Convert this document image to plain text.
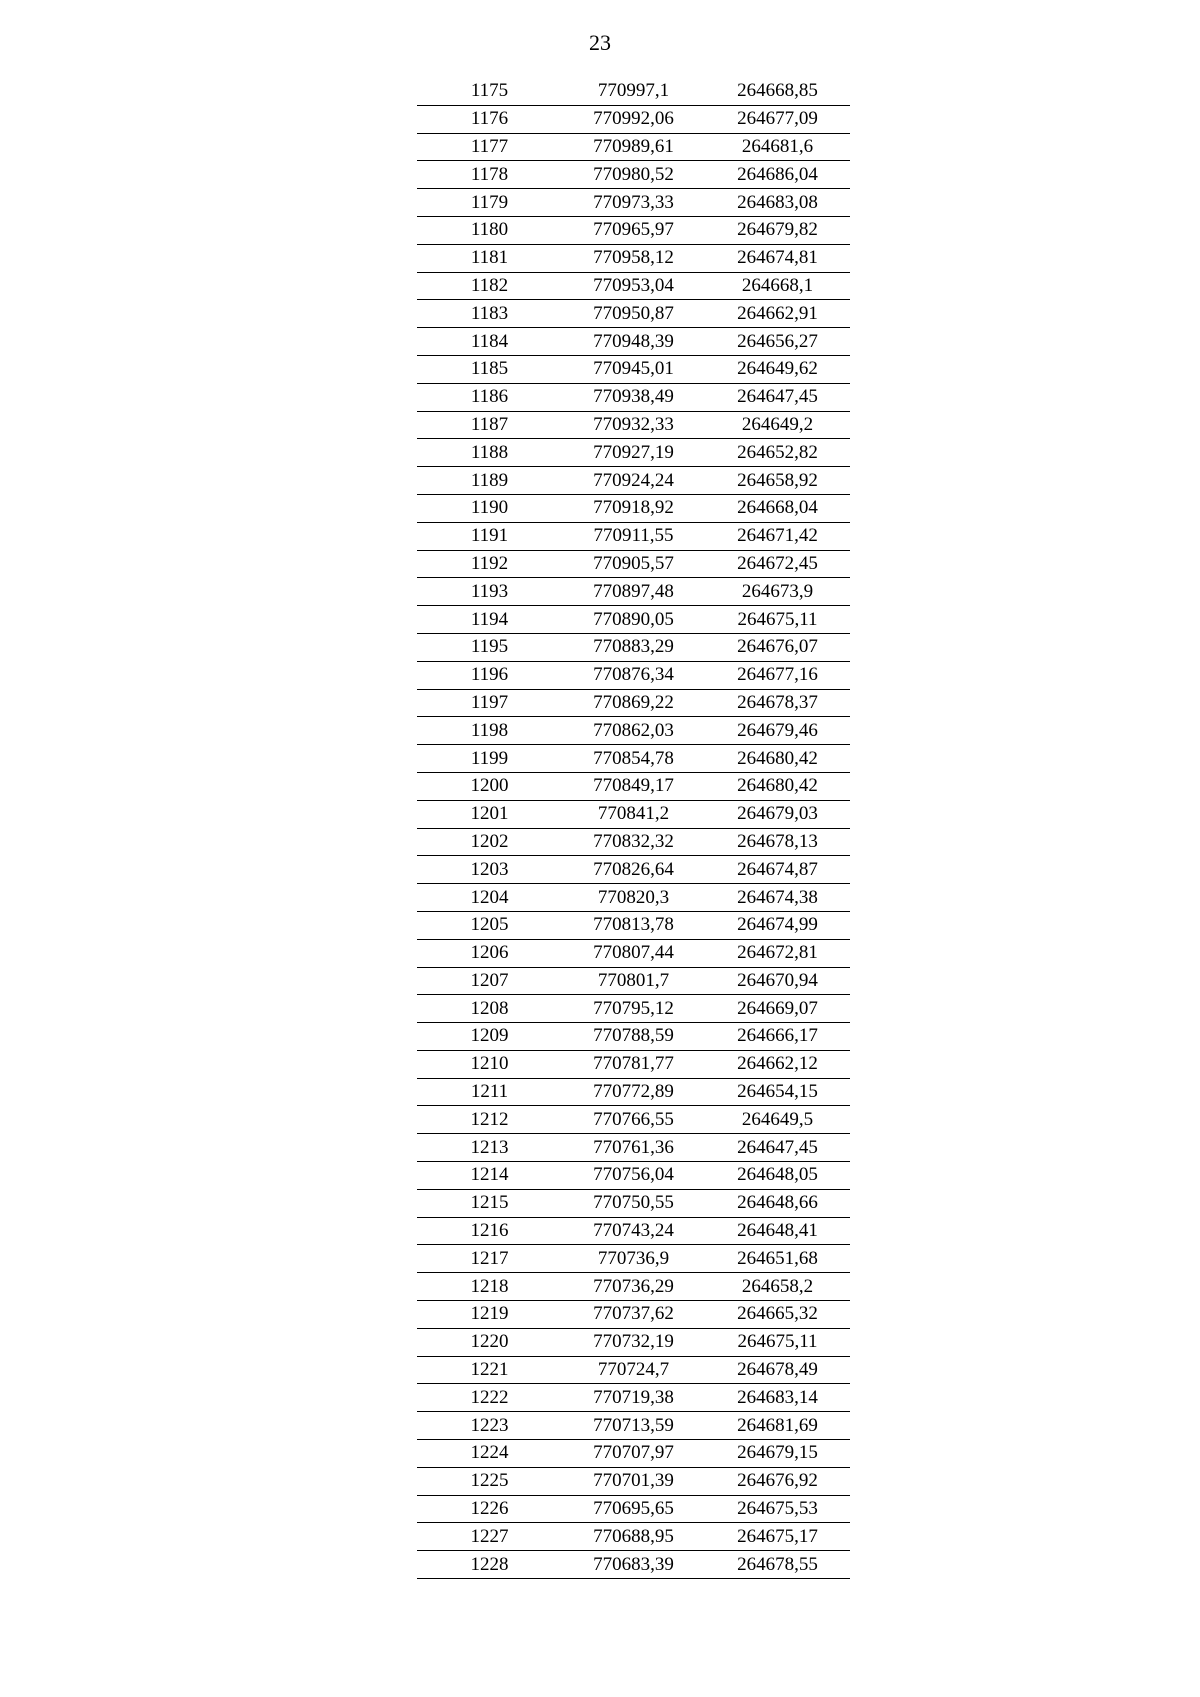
23
1175	770997,1	264668,85
1176	770992,06	264677,09
1177	770989,61	264681,6
1178	770980,52	264686,04
1179	770973,33	264683,08
1180	770965,97	264679,82
1181	770958,12	264674,81
1182	770953,04	264668,1
1183	770950,87	264662,91
1184	770948,39	264656,27
1185	770945,01	264649,62
1186	770938,49	264647,45
1187	770932,33	264649,2
1188	770927,19	264652,82
1189	770924,24	264658,92
1190	770918,92	264668,04
1191	770911,55	264671,42
1192	770905,57	264672,45
1193	770897,48	264673,9
1194	770890,05	264675,11
1195	770883,29	264676,07
1196	770876,34	264677,16
1197	770869,22	264678,37
1198	770862,03	264679,46
1199	770854,78	264680,42
1200	770849,17	264680,42
1201	770841,2	264679,03
1202	770832,32	264678,13
1203	770826,64	264674,87
1204	770820,3	264674,38
1205	770813,78	264674,99
1206	770807,44	264672,81
1207	770801,7	264670,94
1208	770795,12	264669,07
1209	770788,59	264666,17
1210	770781,77	264662,12
1211	770772,89	264654,15
1212	770766,55	264649,5
1213	770761,36	264647,45
1214	770756,04	264648,05
1215	770750,55	264648,66
1216	770743,24	264648,41
1217	770736,9	264651,68
1218	770736,29	264658,2
1219	770737,62	264665,32
1220	770732,19	264675,11
1221	770724,7	264678,49
1222	770719,38	264683,14
1223	770713,59	264681,69
1224	770707,97	264679,15
1225	770701,39	264676,92
1226	770695,65	264675,53
1227	770688,95	264675,17
1228	770683,39	264678,55
